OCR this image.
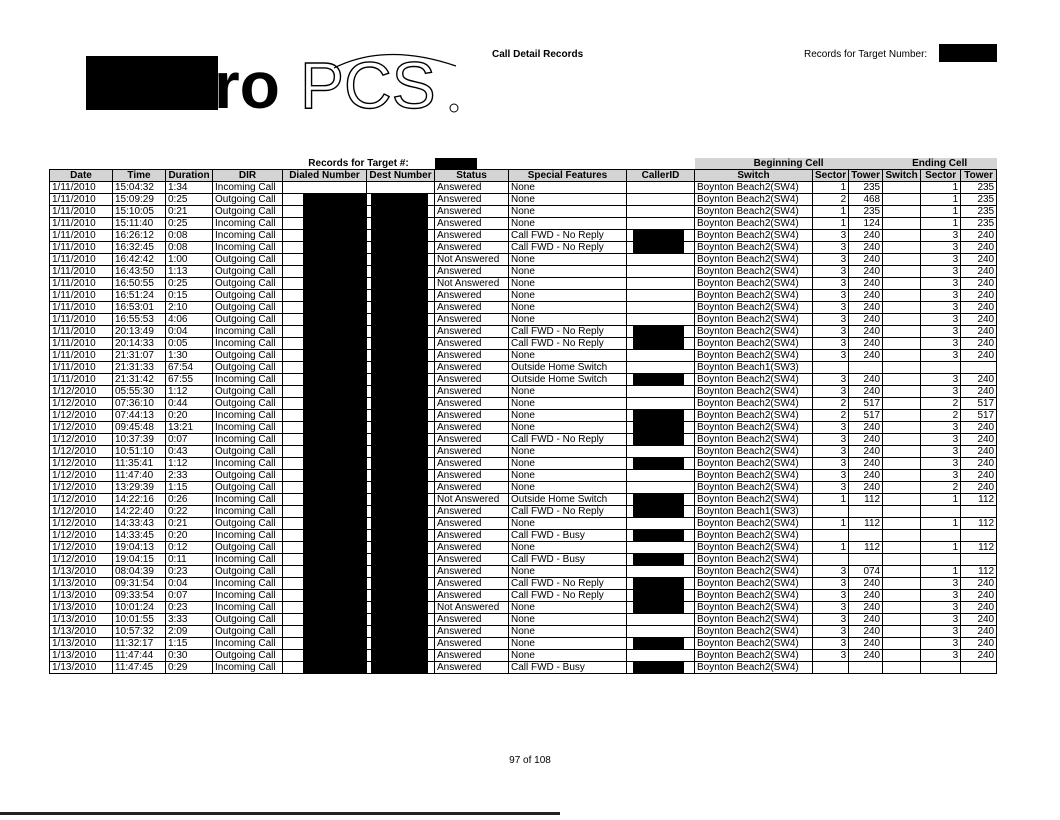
ro PCS	Call Detail Records	Records for Target Number:
				Records for Target #:					Beginning Cell			Ending Cell		
Date	Time	Duration	DIR	Dialed Number	Dest Number	Status	Special Features	CallerID	Switch	Sector	Tower	Switch	Sector	Tower
1/11/2010	15:04:32	1:34	Incoming Call			Answered	None		Boynton Beach2(SW4)	1	235		1	235
1/11/2010	15:09:29	0:25	Outgoing Call			Answered	None		Boynton Beach2(SW4)	2	468		1	235
1/11/2010	15:10:05	0:21	Outgoing Call			Answered	None		Boynton Beach2(SW4)	1	235		1	235
1/11/2010	15:11:40	0:25	Incoming Call			Answered	None		Boynton Beach2(SW4)	1	124		1	235
1/11/2010	16:26:12	0:08	Incoming Call			Answered	Call FWD - No Reply		Boynton Beach2(SW4)	3	240		3	240
1/11/2010	16:32:45	0:08	Incoming Call			Answered	Call FWD - No Reply		Boynton Beach2(SW4)	3	240		3	240
1/11/2010	16:42:42	1:00	Outgoing Call			Not Answered	None		Boynton Beach2(SW4)	3	240		3	240
1/11/2010	16:43:50	1:13	Outgoing Call			Answered	None		Boynton Beach2(SW4)	3	240		3	240
1/11/2010	16:50:55	0:25	Outgoing Call			Not Answered	None		Boynton Beach2(SW4)	3	240		3	240
1/11/2010	16:51:24	0:15	Outgoing Call			Answered	None		Boynton Beach2(SW4)	3	240		3	240
1/11/2010	16:53:01	2:10	Outgoing Call			Answered	None		Boynton Beach2(SW4)	3	240		3	240
1/11/2010	16:55:53	4:06	Outgoing Call			Answered	None		Boynton Beach2(SW4)	3	240		3	240
1/11/2010	20:13:49	0:04	Incoming Call			Answered	Call FWD - No Reply		Boynton Beach2(SW4)	3	240		3	240
1/11/2010	20:14:33	0:05	Incoming Call			Answered	Call FWD - No Reply		Boynton Beach2(SW4)	3	240		3	240
1/11/2010	21:31:07	1:30	Outgoing Call			Answered	None		Boynton Beach2(SW4)	3	240		3	240
1/11/2010	21:31:33	67:54	Outgoing Call			Answered	Outside Home Switch		Boynton Beach1(SW3)					
1/11/2010	21:31:42	67:55	Incoming Call			Answered	Outside Home Switch		Boynton Beach2(SW4)	3	240		3	240
1/12/2010	05:55:30	1:12	Outgoing Call			Answered	None		Boynton Beach2(SW4)	3	240		3	240
1/12/2010	07:36:10	0:44	Outgoing Call			Answered	None		Boynton Beach2(SW4)	2	517		2	517
1/12/2010	07:44:13	0:20	Incoming Call			Answered	None		Boynton Beach2(SW4)	2	517		2	517
1/12/2010	09:45:48	13:21	Incoming Call			Answered	None		Boynton Beach2(SW4)	3	240		3	240
1/12/2010	10:37:39	0:07	Incoming Call			Answered	Call FWD - No Reply		Boynton Beach2(SW4)	3	240		3	240
1/12/2010	10:51:10	0:43	Outgoing Call			Answered	None		Boynton Beach2(SW4)	3	240		3	240
1/12/2010	11:35:41	1:12	Incoming Call			Answered	None		Boynton Beach2(SW4)	3	240		3	240
1/12/2010	11:47:40	2:33	Outgoing Call			Answered	None		Boynton Beach2(SW4)	3	240		3	240
1/12/2010	13:29:39	1:15	Outgoing Call			Answered	None		Boynton Beach2(SW4)	3	240		2	240
1/12/2010	14:22:16	0:26	Incoming Call			Not Answered	Outside Home Switch		Boynton Beach2(SW4)	1	112		1	112
1/12/2010	14:22:40	0:22	Incoming Call			Answered	Call FWD - No Reply		Boynton Beach1(SW3)					
1/12/2010	14:33:43	0:21	Outgoing Call			Answered	None		Boynton Beach2(SW4)	1	112		1	112
1/12/2010	14:33:45	0:20	Incoming Call			Answered	Call FWD - Busy		Boynton Beach2(SW4)					
1/12/2010	19:04:13	0:12	Outgoing Call			Answered	None		Boynton Beach2(SW4)	1	112		1	112
1/12/2010	19:04:15	0:11	Incoming Call			Answered	Call FWD - Busy		Boynton Beach2(SW4)					
1/13/2010	08:04:39	0:23	Outgoing Call			Answered	None		Boynton Beach2(SW4)	3	074		1	112
1/13/2010	09:31:54	0:04	Incoming Call			Answered	Call FWD - No Reply		Boynton Beach2(SW4)	3	240		3	240
1/13/2010	09:33:54	0:07	Incoming Call			Answered	Call FWD - No Reply		Boynton Beach2(SW4)	3	240		3	240
1/13/2010	10:01:24	0:23	Incoming Call			Not Answered	None		Boynton Beach2(SW4)	3	240		3	240
1/13/2010	10:01:55	3:33	Outgoing Call			Answered	None		Boynton Beach2(SW4)	3	240		3	240
1/13/2010	10:57:32	2:09	Outgoing Call			Answered	None		Boynton Beach2(SW4)	3	240		3	240
1/13/2010	11:32:17	1:15	Incoming Call			Answered	None		Boynton Beach2(SW4)	3	240		3	240
1/13/2010	11:47:44	0:30	Outgoing Call			Answered	None		Boynton Beach2(SW4)	3	240		3	240
1/13/2010	11:47:45	0:29	Incoming Call			Answered	Call FWD - Busy		Boynton Beach2(SW4)					
97 of 108
